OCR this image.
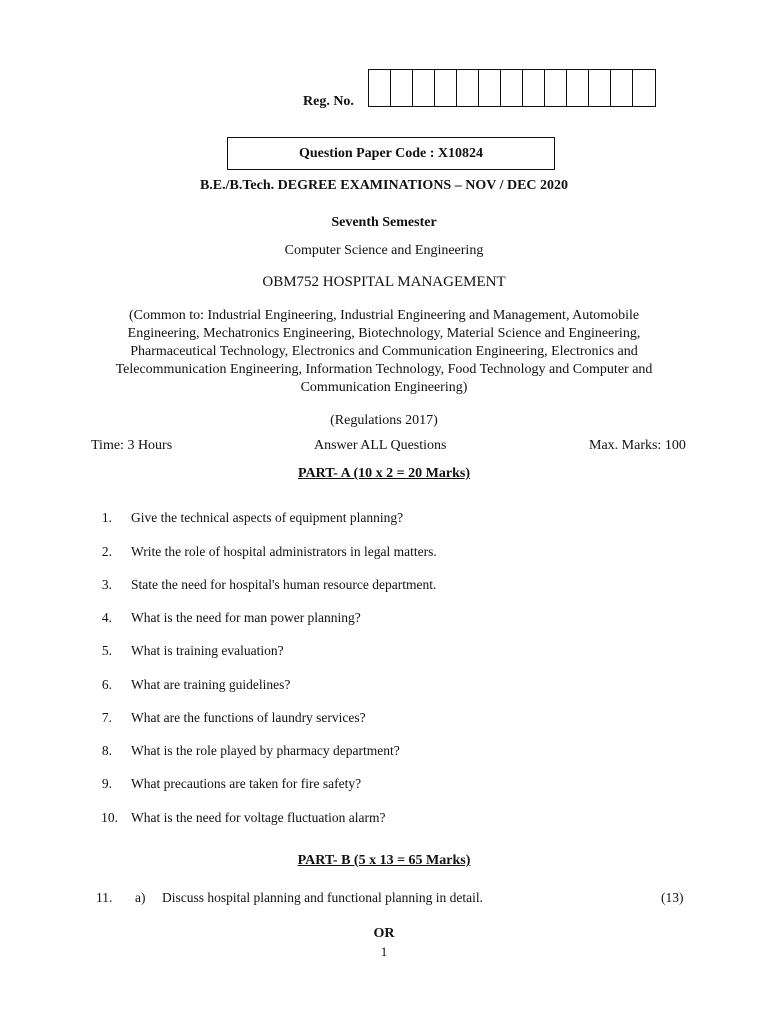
Reg. No.
Question Paper Code : X10824
B.E./B.Tech. DEGREE EXAMINATIONS – NOV / DEC 2020
Seventh Semester
Computer Science and Engineering
OBM752 HOSPITAL MANAGEMENT
(Common to: Industrial Engineering, Industrial Engineering and Management, Automobile
Engineering, Mechatronics Engineering, Biotechnology, Material Science and Engineering,
Pharmaceutical Technology, Electronics and Communication Engineering, Electronics and
Telecommunication Engineering, Information Technology, Food Technology and Computer and
Communication Engineering)
(Regulations 2017)
Time: 3 Hours	Answer ALL Questions	Max. Marks: 100
PART- A (10 x 2 = 20 Marks)
1. Give the technical aspects of equipment planning?
2. Write the role of hospital administrators in legal matters.
3. State the need for hospital's human resource department.
4. What is the need for man power planning?
5. What is training evaluation?
6. What are training guidelines?
7. What are the functions of laundry services?
8. What is the role played by pharmacy department?
9. What precautions are taken for fire safety?
10. What is the need for voltage fluctuation alarm?
PART- B (5 x 13 = 65 Marks)
11. a) Discuss hospital planning and functional planning in detail.	(13)
OR
1
